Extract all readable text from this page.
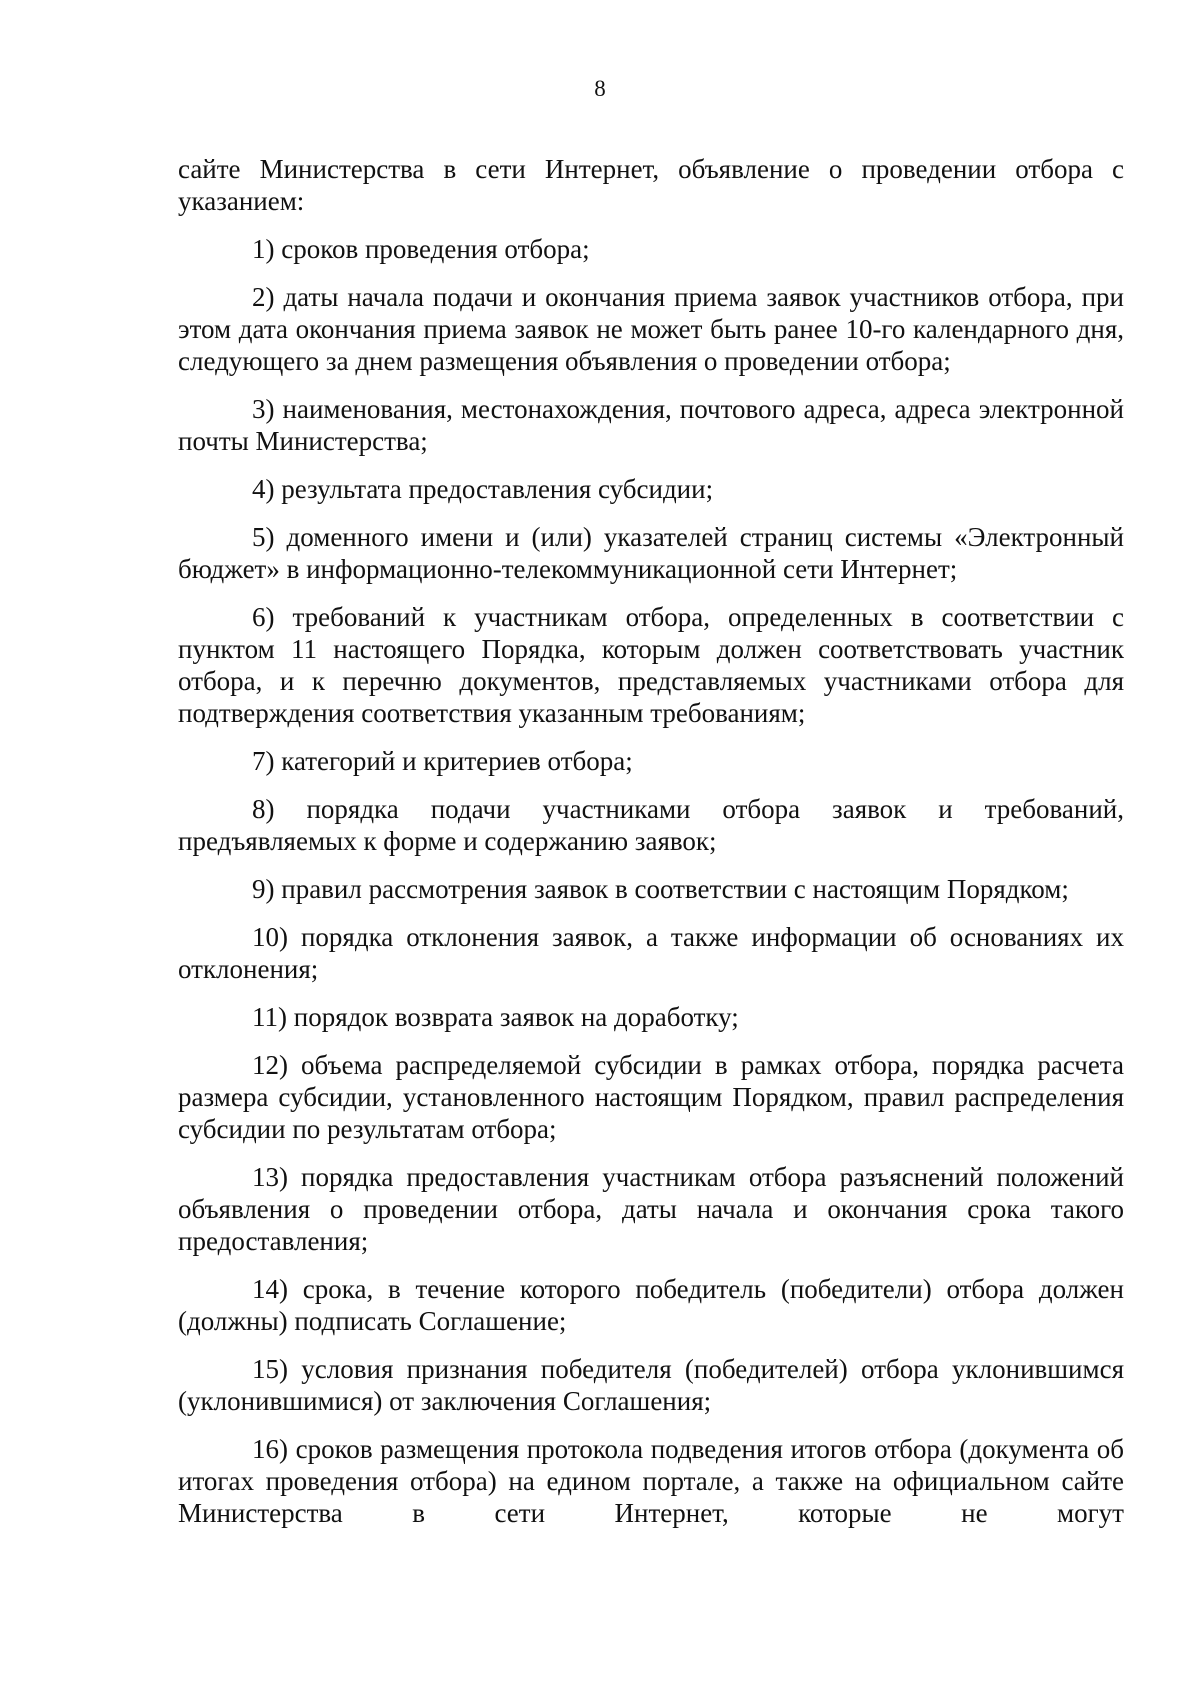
8

сайте Министерства в сети Интернет, объявление о проведении отбора с указанием:

1) сроков проведения отбора;

2) даты начала подачи и окончания приема заявок участников отбора, при этом дата окончания приема заявок не может быть ранее 10-го календарного дня, следующего за днем размещения объявления о проведении отбора;

3) наименования, местонахождения, почтового адреса, адреса электронной почты Министерства;

4) результата предоставления субсидии;

5) доменного имени и (или) указателей страниц системы «Электронный бюджет» в информационно-телекоммуникационной сети Интернет;

6) требований к участникам отбора, определенных в соответствии с пунктом 11 настоящего Порядка, которым должен соответствовать участник отбора, и к перечню документов, представляемых участниками отбора для подтверждения соответствия указанным требованиям;

7) категорий и критериев отбора;

8) порядка подачи участниками отбора заявок и требований, предъявляемых к форме и содержанию заявок;

9) правил рассмотрения заявок в соответствии с настоящим Порядком;

10) порядка отклонения заявок, а также информации об основаниях их отклонения;

11) порядок возврата заявок на доработку;

12) объема распределяемой субсидии в рамках отбора, порядка расчета размера субсидии, установленного настоящим Порядком, правил распределения субсидии по результатам отбора;

13) порядка предоставления участникам отбора разъяснений положений объявления о проведении отбора, даты начала и окончания срока такого предоставления;

14) срока, в течение которого победитель (победители) отбора должен (должны) подписать Соглашение;

15) условия признания победителя (победителей) отбора уклонившимся (уклонившимися) от заключения Соглашения;

16) сроков размещения протокола подведения итогов отбора (документа об итогах проведения отбора) на едином портале, а также на официальном сайте Министерства в сети Интернет, которые не могут
